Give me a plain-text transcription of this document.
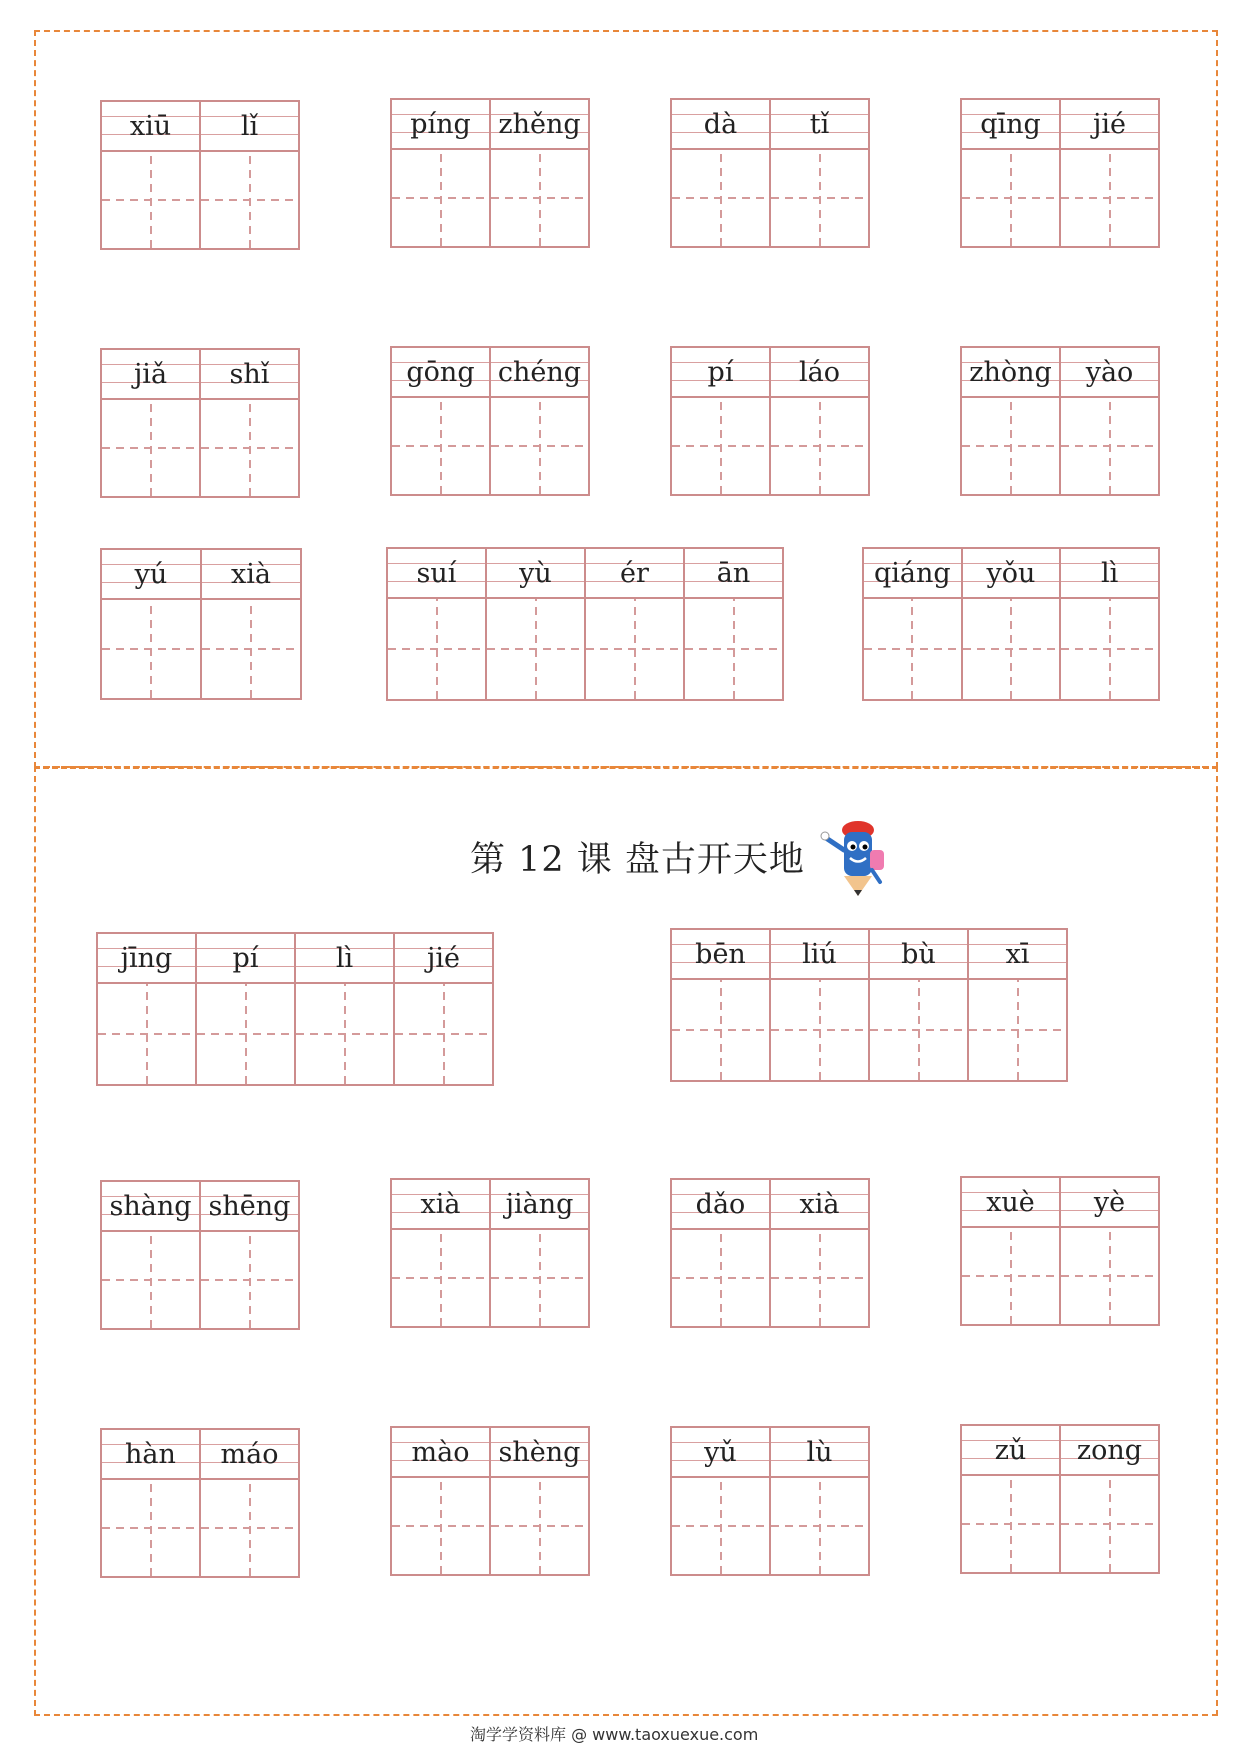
xiū	lǐ	píng zhěng	dà	tǐ	qīng jié
jiǎ shǐ	gōng chéng	pí láo	zhòng yào
yú xià	suí yù	ér	ān	qiáng yǒu lì
jīng pí	lì	jié	bēn liú bù	xī
shàng shēng	xià jiàng	dǎo xià	xuè yè
hàn máo	mào shèng	yǔ	lù	zǔ zong
第 12 课 盘古开天地
淘学学资料库 @ www.taoxuexue.com
